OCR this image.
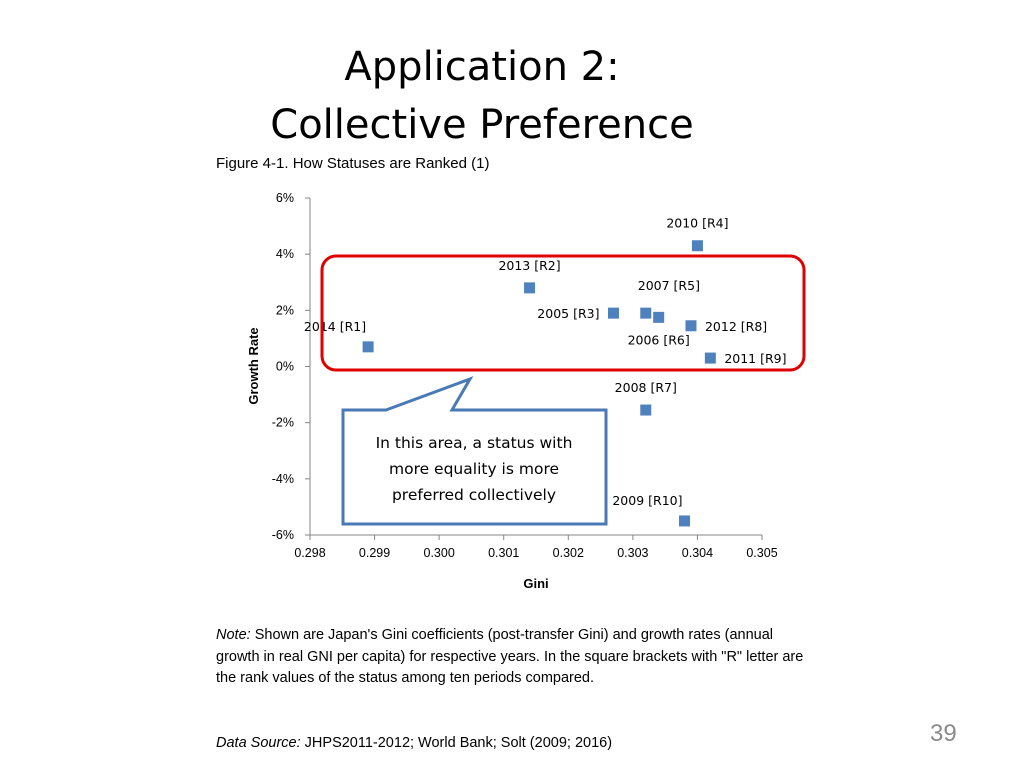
Application 2:
Collective Preference
Figure 4-1. How Statuses are Ranked (1)
-6%
-4%
-2%
0%
2%
4%
6%
0.298	0.299	0.300	0.301	0.302	0.303	0.304	0.305
2014 [R1]
2013 [R2]
2005 [R3]
2010 [R4]
2007 [R5]
2006 [R6]
2008 [R7]
2012 [R8]
2011 [R9]
2009 [R10]
In this area, a status with
more equality is more
preferred collectively
Gini
Growth Rate
Note: Shown are Japan's Gini coefficients (post-transfer Gini) and growth rates (annual growth in real GNI per capita) for respective years. In the square brackets with "R" letter are the rank values of the status among ten periods compared.
Data Source: JHPS2011-2012; World Bank; Solt (2009; 2016)	39
